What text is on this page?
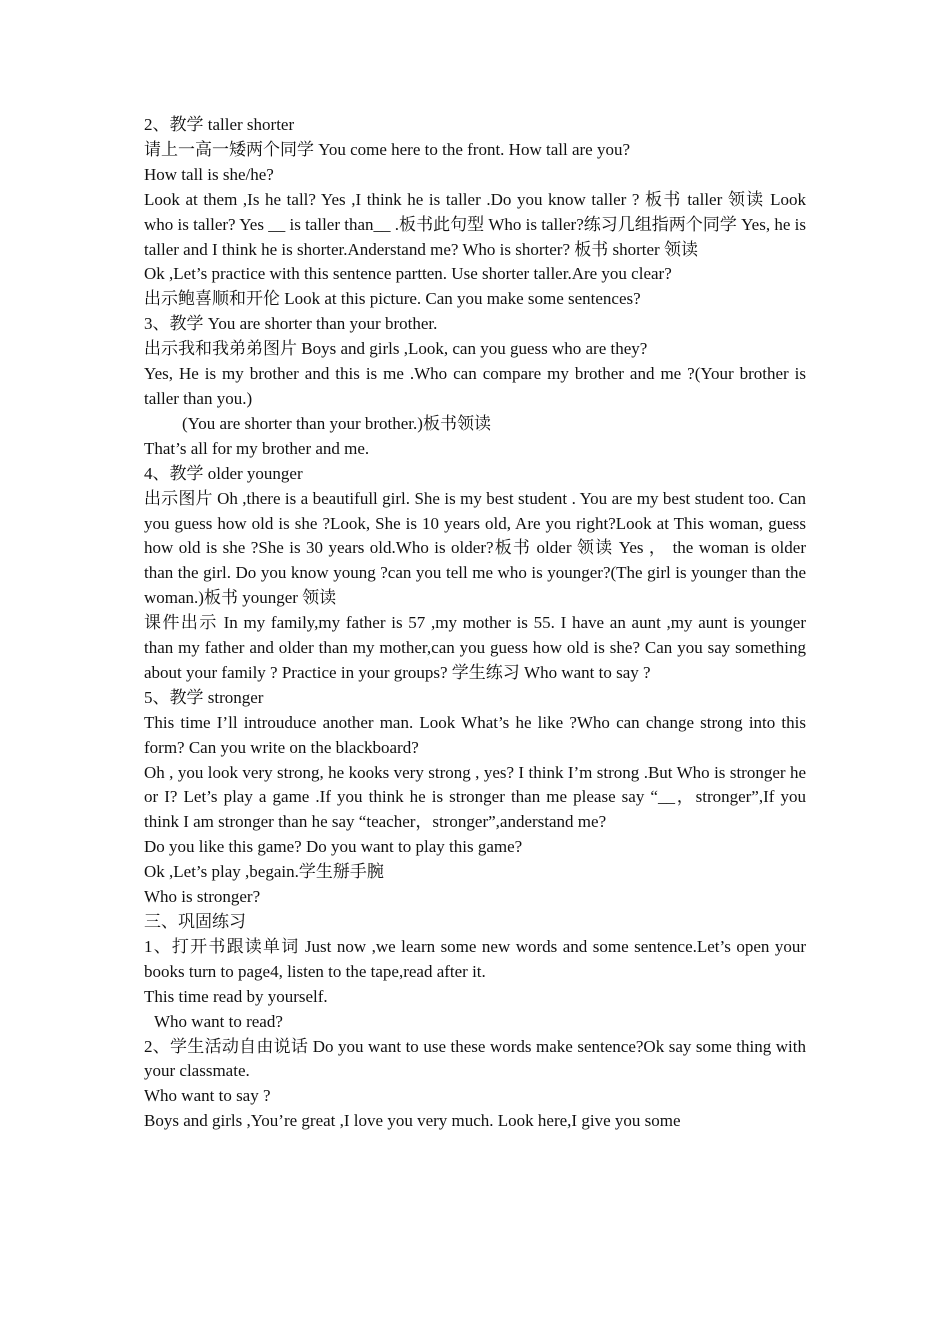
2、教学 taller shorter

请上一高一矮两个同学 You come here to the front. How tall are you?

How tall is she/he?

Look at them ,Is he tall? Yes ,I think he is taller .Do you know taller ? 板书 taller 领读 Look who is taller? Yes __ is taller than__ .板书此句型 Who is taller?练习几组指两个同学 Yes, he is taller and I think he is shorter.Anderstand me? Who is shorter? 板书 shorter 领读

Ok ,Let’s practice with this sentence partten. Use shorter taller.Are you clear?

出示鲍喜顺和开伦 Look at this picture. Can you make some sentences?

3、教学 You are shorter than your brother.

出示我和我弟弟图片 Boys and girls ,Look, can you guess who are they?

Yes, He is my brother and this is me .Who can compare my brother and me ?(Your brother is taller than you.)

(You are shorter than your brother.)板书领读

That’s all for my brother and me.

4、教学 older younger

出示图片 Oh ,there is a beautifull girl. She is my best student . You are my best student too. Can you guess how old is she ?Look, She is 10 years old, Are you right?Look at This woman, guess how old is she ?She is 30 years old.Who is older?板书 older 领读 Yes ， the woman is older than the girl. Do you know young ?can you tell me who is younger?(The girl is younger than the woman.)板书 younger 领读

课件出示 In my family,my father is 57 ,my mother is 55. I have an aunt ,my aunt is younger than my father and older than my mother,can you guess how old is she? Can you say something about your family ? Practice in your groups? 学生练习 Who want to say ?

5、教学 stronger

This time I’ll introuduce another man. Look What’s he like ?Who can change strong into this form? Can you write on the blackboard?

Oh , you look very strong, he kooks very strong , yes? I think I’m strong .But Who is stronger he or I? Let’s play a game .If you think he is stronger than me please say “__，stronger”,If you think I am stronger than he say “teacher，stronger”,anderstand me?

Do you like this game? Do you want to play this game?

Ok ,Let’s play ,begain.学生掰手腕

Who is stronger?

三、巩固练习

1、打开书跟读单词 Just now ,we learn some new words and some sentence.Let’s open your books turn to page4, listen to the tape,read after it.

This time read by yourself.

Who want to read?

2、学生活动自由说话 Do you want to use these words make sentence?Ok say some thing with your classmate.

Who want to say ?

Boys and girls ,You’re great ,I love you very much. Look here,I give you some
